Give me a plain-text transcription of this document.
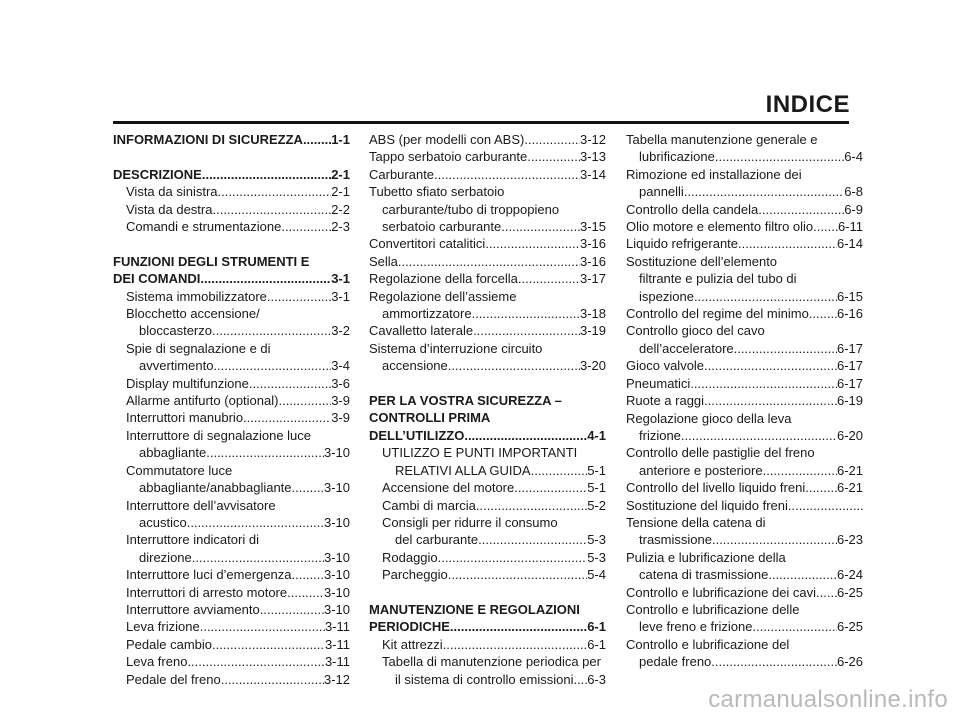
INDICE
INFORMAZIONI DI SICUREZZA ..... 1-1
DESCRIZIONE .....	2-1
Vista da sinistra .....	2-1
Vista da destra .....	2-2
Comandi e strumentazione .....	2-3
FUNZIONI DEGLI STRUMENTI E
DEI COMANDI .....	3-1
Sistema immobilizzatore .....	3-1
Blocchetto accensione/
bloccasterzo .....	3-2
Spie di segnalazione e di
avvertimento .....	3-4
Display multifunzione .....	3-6
Allarme antifurto (optional) .....	3-9
Interruttori manubrio .....	3-9
Interruttore di segnalazione luce
abbagliante .....	3-10
Commutatore luce
abbagliante/anabbagliante ..... 3-10
Interruttore dell’avvisatore
acustico .....	3-10
Interruttore indicatori di
direzione .....	3-10
Interruttore luci d’emergenza ..... 3-10
Interruttori di arresto motore .....	3-10
Interruttore avviamento .....	3-10
Leva frizione .....	3-11
Pedale cambio .....	3-11
Leva freno .....	3-11
Pedale del freno .....	3-12
ABS (per modelli con ABS) .....	3-12
Tappo serbatoio carburante .....	3-13
Carburante .....	3-14
Tubetto sfiato serbatoio
carburante/tubo di troppopieno
serbatoio carburante .....	3-15
Convertitori catalitici .....	3-16
Sella .....	3-16
Regolazione della forcella .....	3-17
Regolazione dell’assieme
ammortizzatore .....	3-18
Cavalletto laterale .....	3-19
Sistema d’interruzione circuito
accensione .....	3-20
PER LA VOSTRA SICUREZZA –
CONTROLLI PRIMA
DELL’UTILIZZO .....	4-1
UTILIZZO E PUNTI IMPORTANTI
RELATIVI ALLA GUIDA .....	5-1
Accensione del motore .....	5-1
Cambi di marcia .....	5-2
Consigli per ridurre il consumo
del carburante .....	5-3
Rodaggio .....	5-3
Parcheggio .....	5-4
MANUTENZIONE E REGOLAZIONI
PERIODICHE .....	6-1
Kit attrezzi .....	6-1
Tabella di manutenzione periodica per
il sistema di controllo emissioni ..... 6-3
Tabella manutenzione generale e
lubrificazione .....	6-4
Rimozione ed installazione dei
pannelli .....	6-8
Controllo della candela .....	6-9
Olio motore e elemento filtro olio ..... 6-11
Liquido refrigerante .....	6-14
Sostituzione dell’elemento
filtrante e pulizia del tubo di
ispezione .....	6-15
Controllo del regime del minimo ..... 6-16
Controllo gioco del cavo
dell’acceleratore .....	6-17
Gioco valvole .....	6-17
Pneumatici .....	6-17
Ruote a raggi .....	6-19
Regolazione gioco della leva
frizione .....	6-20
Controllo delle pastiglie del freno
anteriore e posteriore .....	6-21
Controllo del livello liquido freni ..... 6-21
Sostituzione del liquido freni
.....
Tensione della catena di
trasmissione .....	6-23
Pulizia e lubrificazione della
catena di trasmissione .....	6-24
Controllo e lubrificazione dei cavi ..... 6-25
Controllo e lubrificazione delle
leve freno e frizione .....	6-25
Controllo e lubrificazione del
pedale freno .....	6-26
carmanualsonline.info
